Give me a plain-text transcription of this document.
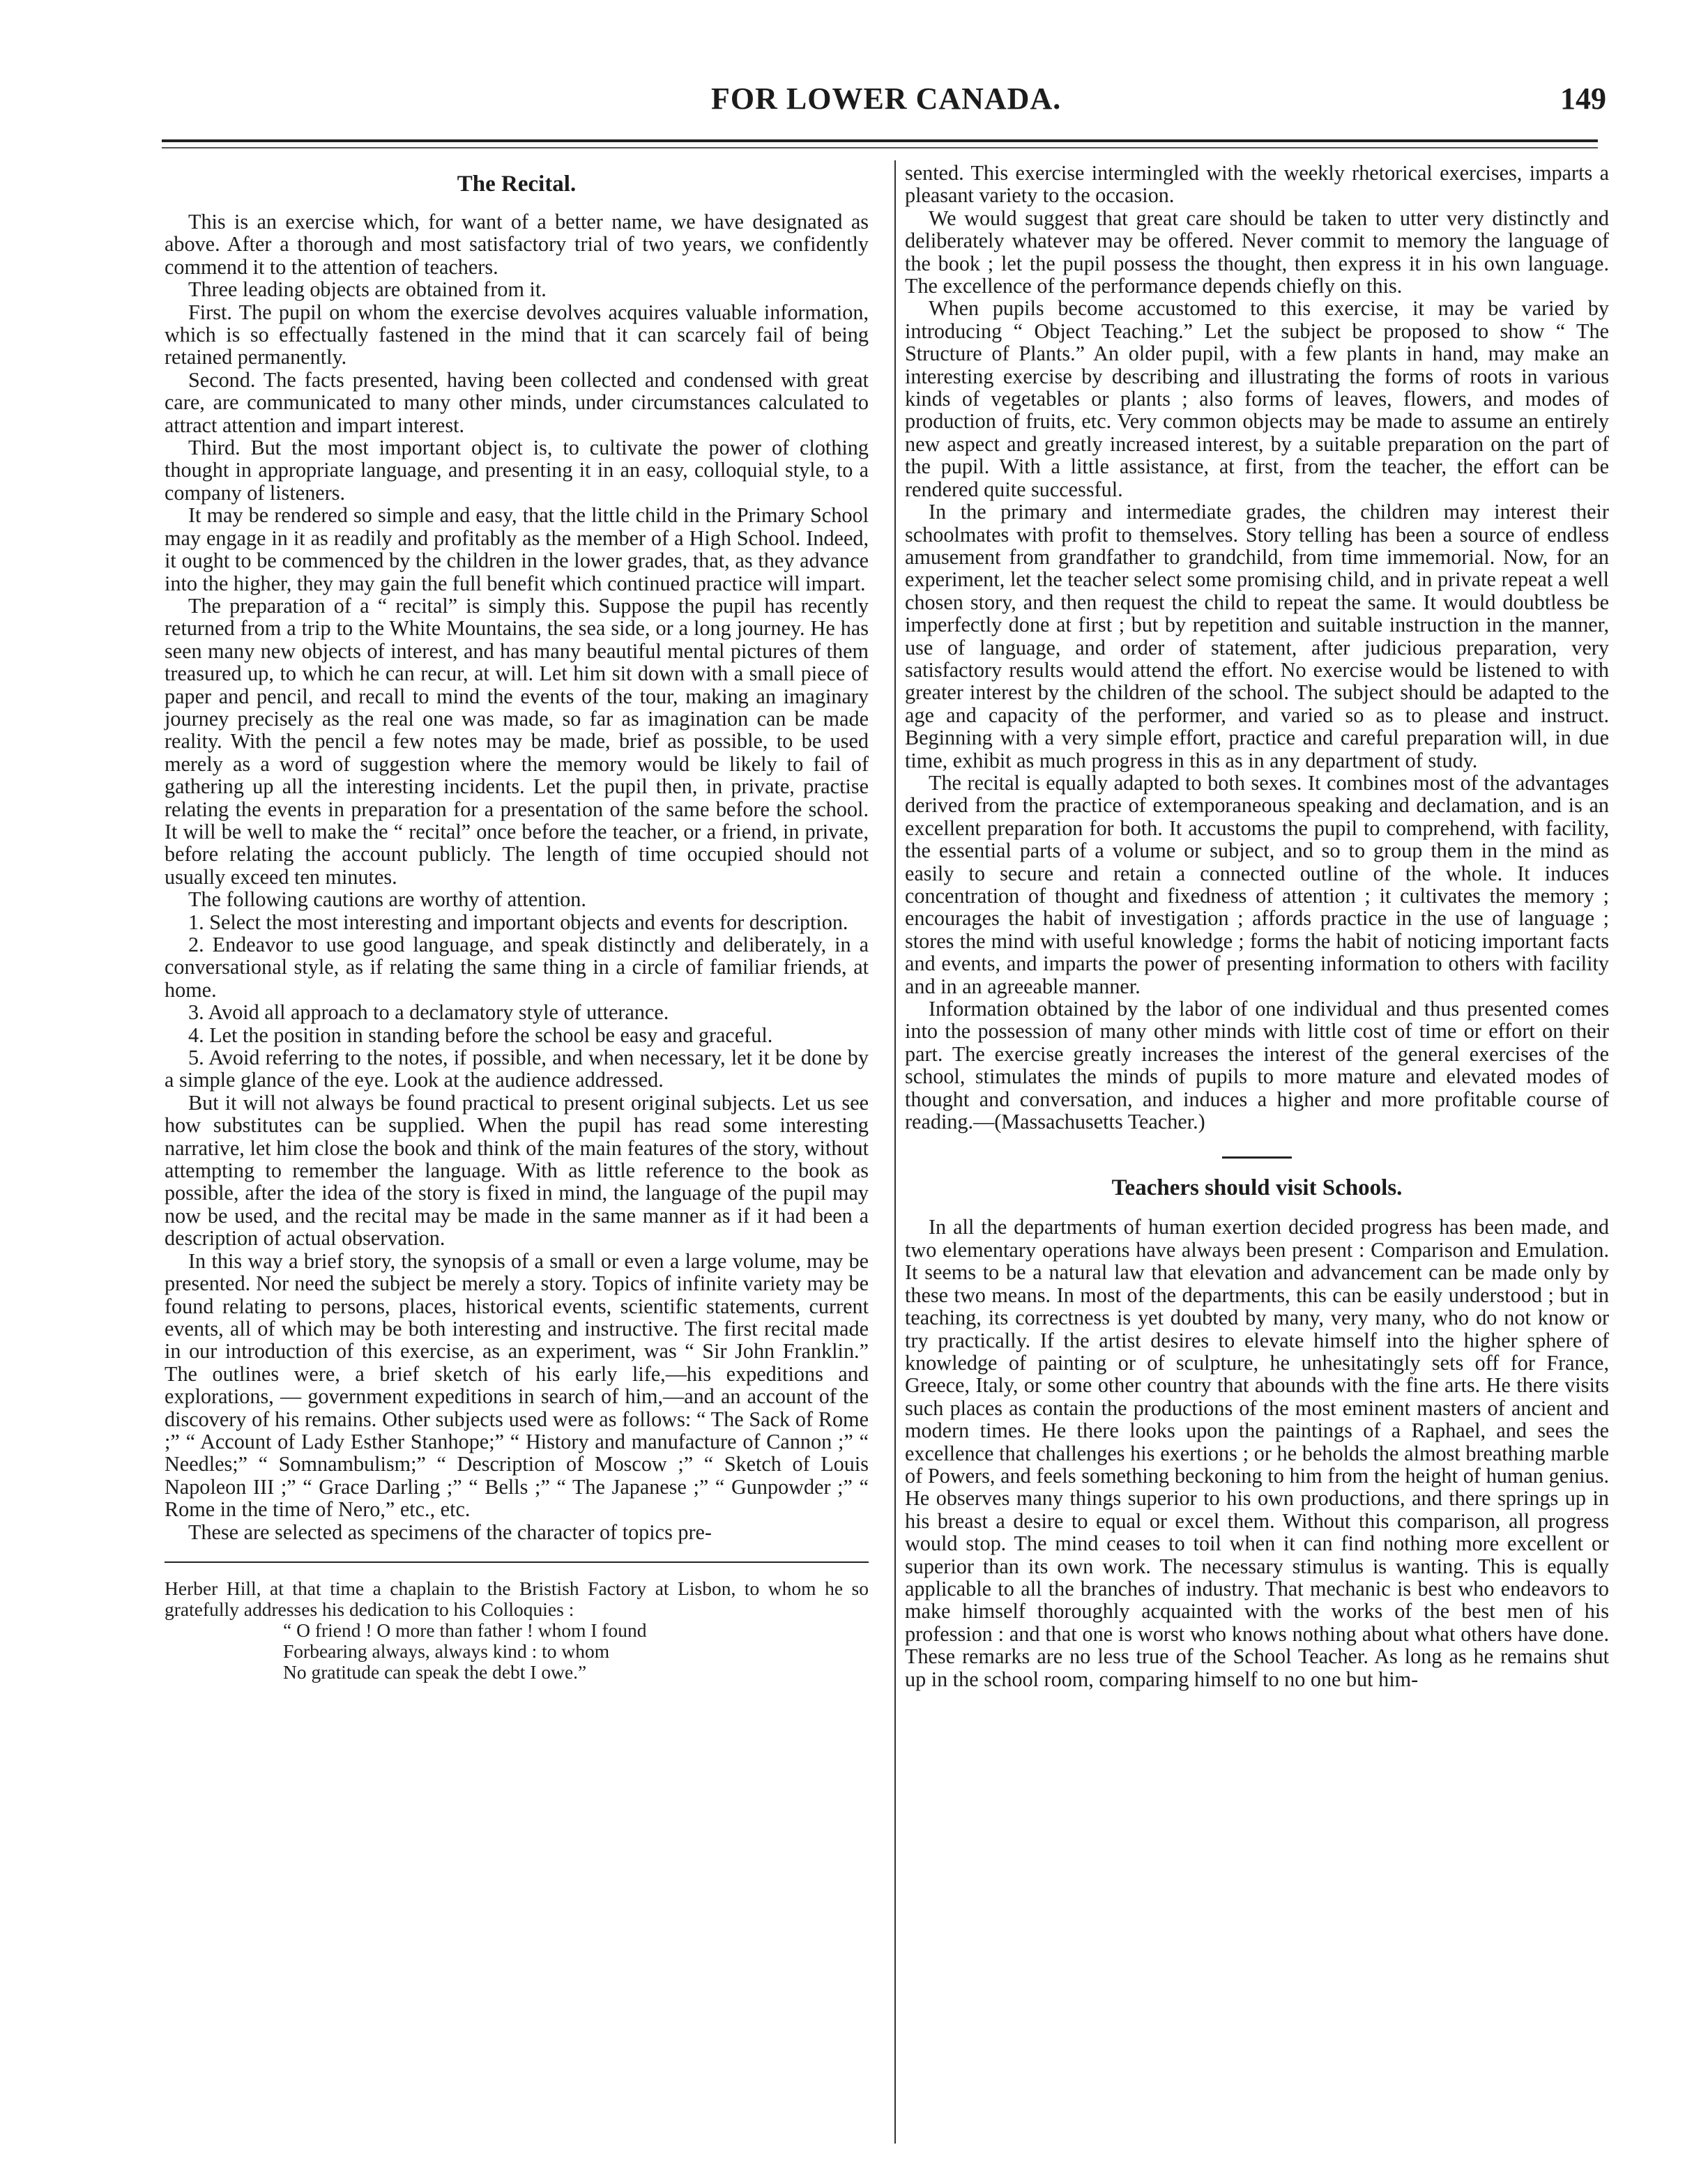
FOR LOWER CANADA.	149
The Recital.

This is an exercise which, for want of a better name, we have designated as above. After a thorough and most satisfactory trial of two years, we confidently commend it to the attention of teachers.

Three leading objects are obtained from it.

First. The pupil on whom the exercise devolves acquires valuable information, which is so effectually fastened in the mind that it can scarcely fail of being retained permanently.

Second. The facts presented, having been collected and condensed with great care, are communicated to many other minds, under circumstances calculated to attract attention and impart interest.

Third. But the most important object is, to cultivate the power of clothing thought in appropriate language, and presenting it in an easy, colloquial style, to a company of listeners.

It may be rendered so simple and easy, that the little child in the Primary School may engage in it as readily and profitably as the member of a High School. Indeed, it ought to be commenced by the children in the lower grades, that, as they advance into the higher, they may gain the full benefit which continued practice will impart.

The preparation of a “ recital” is simply this. Suppose the pupil has recently returned from a trip to the White Mountains, the sea side, or a long journey. He has seen many new objects of interest, and has many beautiful mental pictures of them treasured up, to which he can recur, at will. Let him sit down with a small piece of paper and pencil, and recall to mind the events of the tour, making an imaginary journey precisely as the real one was made, so far as imagination can be made reality. With the pencil a few notes may be made, brief as possible, to be used merely as a word of suggestion where the memory would be likely to fail of gathering up all the interesting incidents. Let the pupil then, in private, practise relating the events in preparation for a presentation of the same before the school. It will be well to make the “ recital” once before the teacher, or a friend, in private, before relating the account publicly. The length of time occupied should not usually exceed ten minutes.

The following cautions are worthy of attention.

1. Select the most interesting and important objects and events for description.

2. Endeavor to use good language, and speak distinctly and deliberately, in a conversational style, as if relating the same thing in a circle of familiar friends, at home.

3. Avoid all approach to a declamatory style of utterance.

4. Let the position in standing before the school be easy and graceful.

5. Avoid referring to the notes, if possible, and when necessary, let it be done by a simple glance of the eye. Look at the audience addressed.

But it will not always be found practical to present original subjects. Let us see how substitutes can be supplied. When the pupil has read some interesting narrative, let him close the book and think of the main features of the story, without attempting to remember the language. With as little reference to the book as possible, after the idea of the story is fixed in mind, the language of the pupil may now be used, and the recital may be made in the same manner as if it had been a description of actual observation.

In this way a brief story, the synopsis of a small or even a large volume, may be presented. Nor need the subject be merely a story. Topics of infinite variety may be found relating to persons, places, historical events, scientific statements, current events, all of which may be both interesting and instructive. The first recital made in our introduction of this exercise, as an experiment, was “ Sir John Franklin.” The outlines were, a brief sketch of his early life,—his expeditions and explorations, — government expeditions in search of him,—and an account of the discovery of his remains. Other subjects used were as follows: “ The Sack of Rome ;” “ Account of Lady Esther Stanhope;” “ History and manufacture of Cannon ;” “ Needles;” “ Somnambulism;” “ Description of Moscow ;” “ Sketch of Louis Napoleon III ;” “ Grace Darling ;” “ Bells ;” “ The Japanese ;” “ Gunpowder ;” “ Rome in the time of Nero,” etc., etc.

These are selected as specimens of the character of topics pre-

Herber Hill, at that time a chaplain to the Bristish Factory at Lisbon, to whom he so gratefully addresses his dedication to his Colloquies :

“ O friend ! O more than father ! whom I found
Forbearing always, always kind : to whom
No gratitude can speak the debt I owe.”

sented. This exercise intermingled with the weekly rhetorical exercises, imparts a pleasant variety to the occasion.

We would suggest that great care should be taken to utter very distinctly and deliberately whatever may be offered. Never commit to memory the language of the book ; let the pupil possess the thought, then express it in his own language. The excellence of the performance depends chiefly on this.

When pupils become accustomed to this exercise, it may be varied by introducing “ Object Teaching.” Let the subject be proposed to show “ The Structure of Plants.” An older pupil, with a few plants in hand, may make an interesting exercise by describing and illustrating the forms of roots in various kinds of vegetables or plants ; also forms of leaves, flowers, and modes of production of fruits, etc. Very common objects may be made to assume an entirely new aspect and greatly increased interest, by a suitable preparation on the part of the pupil. With a little assistance, at first, from the teacher, the effort can be rendered quite successful.

In the primary and intermediate grades, the children may interest their schoolmates with profit to themselves. Story telling has been a source of endless amusement from grandfather to grandchild, from time immemorial. Now, for an experiment, let the teacher select some promising child, and in private repeat a well chosen story, and then request the child to repeat the same. It would doubtless be imperfectly done at first ; but by repetition and suitable instruction in the manner, use of language, and order of statement, after judicious preparation, very satisfactory results would attend the effort. No exercise would be listened to with greater interest by the children of the school. The subject should be adapted to the age and capacity of the performer, and varied so as to please and instruct. Beginning with a very simple effort, practice and careful preparation will, in due time, exhibit as much progress in this as in any department of study.

The recital is equally adapted to both sexes. It combines most of the advantages derived from the practice of extemporaneous speaking and declamation, and is an excellent preparation for both. It accustoms the pupil to comprehend, with facility, the essential parts of a volume or subject, and so to group them in the mind as easily to secure and retain a connected outline of the whole. It induces concentration of thought and fixedness of attention ; it cultivates the memory ; encourages the habit of investigation ; affords practice in the use of language ; stores the mind with useful knowledge ; forms the habit of noticing important facts and events, and imparts the power of presenting information to others with facility and in an agreeable manner.

Information obtained by the labor of one individual and thus presented comes into the possession of many other minds with little cost of time or effort on their part. The exercise greatly increases the interest of the general exercises of the school, stimulates the minds of pupils to more mature and elevated modes of thought and conversation, and induces a higher and more profitable course of reading.—(Massachusetts Teacher.)

Teachers should visit Schools.

In all the departments of human exertion decided progress has been made, and two elementary operations have always been present : Comparison and Emulation. It seems to be a natural law that elevation and advancement can be made only by these two means. In most of the departments, this can be easily understood ; but in teaching, its correctness is yet doubted by many, very many, who do not know or try practically. If the artist desires to elevate himself into the higher sphere of knowledge of painting or of sculpture, he unhesitatingly sets off for France, Greece, Italy, or some other country that abounds with the fine arts. He there visits such places as contain the productions of the most eminent masters of ancient and modern times. He there looks upon the paintings of a Raphael, and sees the excellence that challenges his exertions ; or he beholds the almost breathing marble of Powers, and feels something beckoning to him from the height of human genius. He observes many things superior to his own productions, and there springs up in his breast a desire to equal or excel them. Without this comparison, all progress would stop. The mind ceases to toil when it can find nothing more excellent or superior than its own work. The necessary stimulus is wanting. This is equally applicable to all the branches of industry. That mechanic is best who endeavors to make himself thoroughly acquainted with the works of the best men of his profession : and that one is worst who knows nothing about what others have done. These remarks are no less true of the School Teacher. As long as he remains shut up in the school room, comparing himself to no one but him-
